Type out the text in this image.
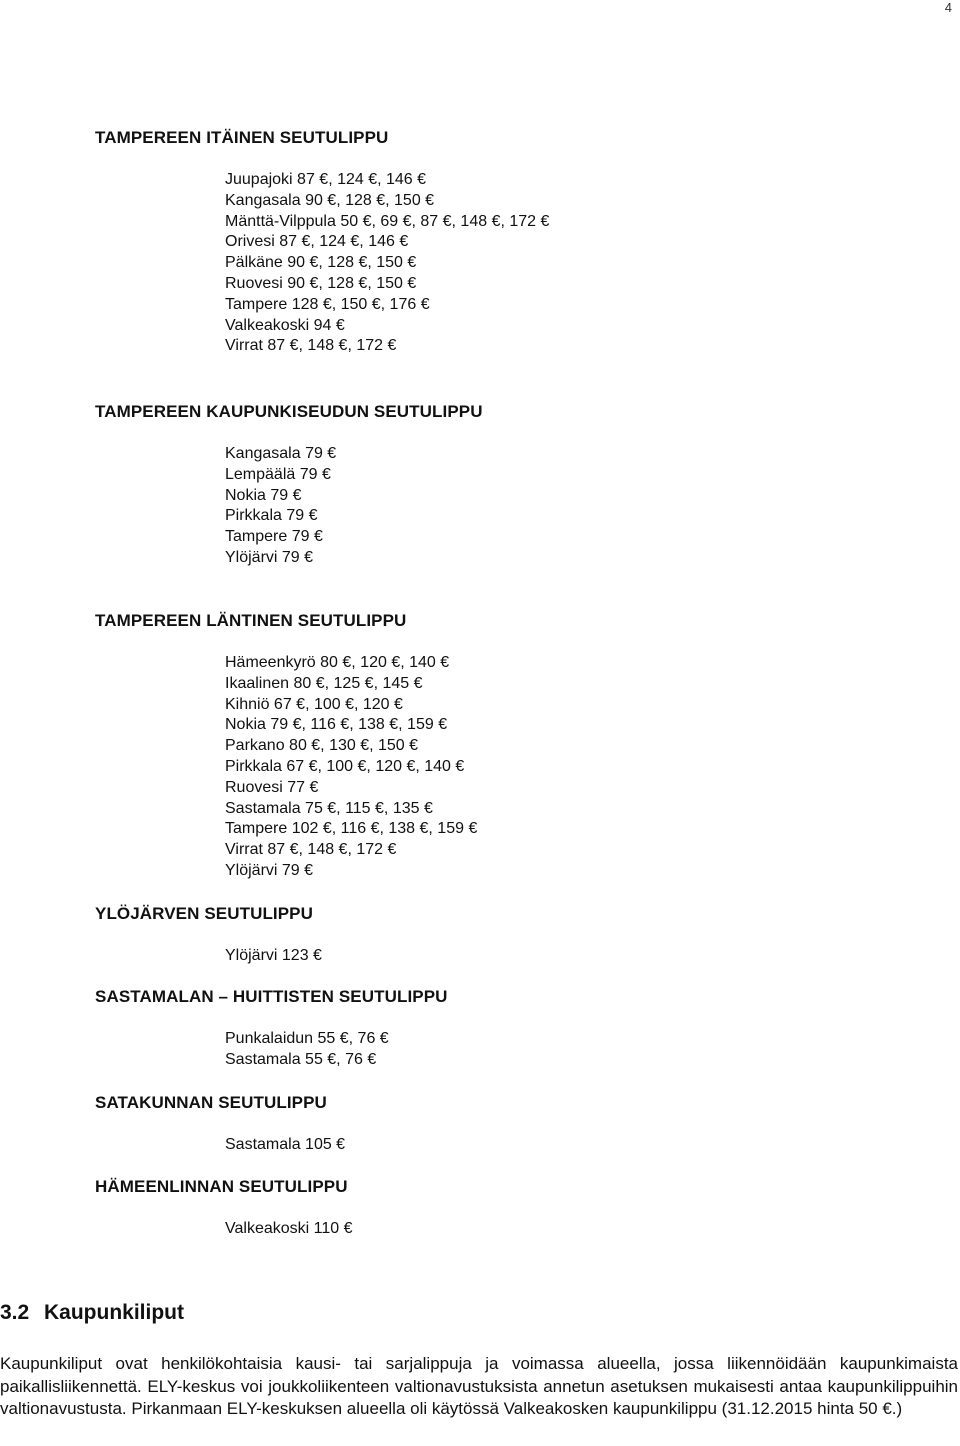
4
TAMPEREEN ITÄINEN SEUTULIPPU
Juupajoki 87 €, 124 €, 146 €
Kangasala 90 €, 128 €, 150 €
Mänttä-Vilppula 50 €, 69 €, 87 €, 148 €, 172 €
Orivesi 87 €, 124 €, 146 €
Pälkäne 90 €, 128 €, 150 €
Ruovesi 90 €, 128 €, 150 €
Tampere 128 €, 150 €, 176 €
Valkeakoski 94 €
Virrat 87 €, 148 €, 172 €
TAMPEREEN KAUPUNKISEUDUN SEUTULIPPU
Kangasala 79 €
Lempäälä 79 €
Nokia 79 €
Pirkkala 79 €
Tampere 79 €
Ylöjärvi 79 €
TAMPEREEN LÄNTINEN SEUTULIPPU
Hämeenkyrö 80 €, 120 €, 140 €
Ikaalinen 80 €, 125 €, 145 €
Kihniö 67 €, 100 €, 120 €
Nokia 79 €, 116 €, 138 €, 159 €
Parkano 80 €, 130 €, 150 €
Pirkkala 67 €, 100 €, 120 €, 140 €
Ruovesi 77 €
Sastamala 75 €, 115 €, 135 €
Tampere 102 €, 116 €, 138 €, 159 €
Virrat 87 €, 148 €, 172 €
Ylöjärvi 79 €
YLÖJÄRVEN SEUTULIPPU
Ylöjärvi 123 €
SASTAMALAN – HUITTISTEN SEUTULIPPU
Punkalaidun 55 €, 76 €
Sastamala 55 €, 76 €
SATAKUNNAN SEUTULIPPU
Sastamala 105 €
HÄMEENLINNAN SEUTULIPPU
Valkeakoski 110 €
3.2 Kaupunkiliput

Kaupunkiliput ovat henkilökohtaisia kausi- tai sarjalippuja ja voimassa alueella, jossa liikennöidään kaupunkimaista paikallisliikennettä. ELY-keskus voi joukkoliikenteen valtionavustuksista annetun asetuksen mukaisesti antaa kaupunkilippuihin valtionavustusta. Pirkanmaan ELY-keskuksen alueella oli käytössä Valkeakosken kaupunkilippu (31.12.2015 hinta 50 €.)
